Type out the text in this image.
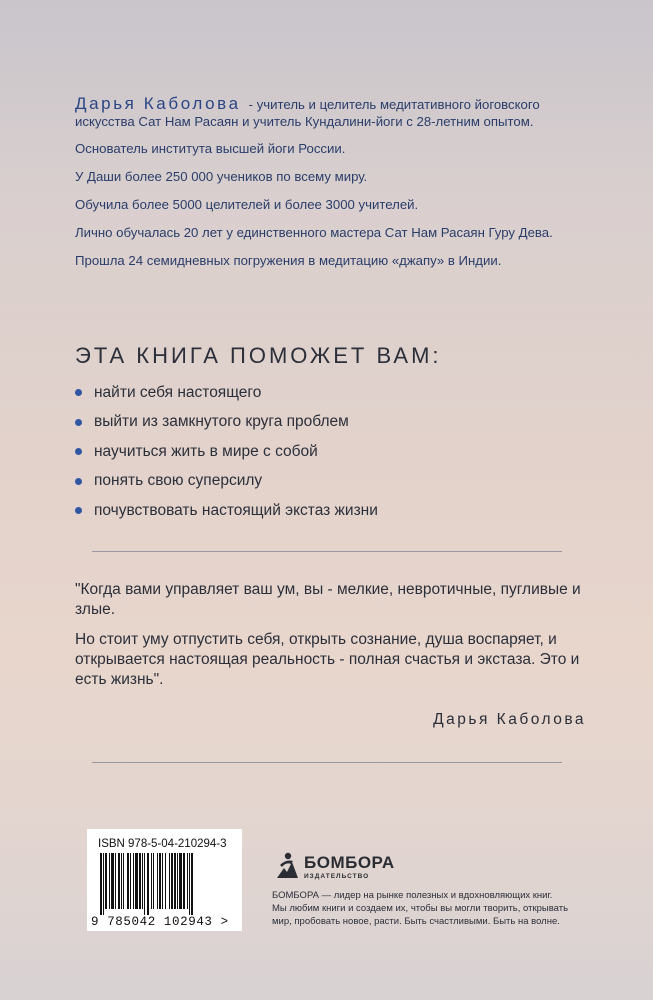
Дарья Каболова - учитель и целитель медитативного йоговского искусства Сат Нам Расаян и учитель Кундалини-йоги с 28-летним опытом.

Основатель института высшей йоги России.

У Даши более 250 000 учеников по всему миру.

Обучила более 5000 целителей и более 3000 учителей.

Лично обучалась 20 лет у единственного мастера Сат Нам Расаян Гуру Дева.

Прошла 24 семидневных погружения в медитацию «джапу» в Индии.

ЭТА КНИГА ПОМОЖЕТ ВАМ:
найти себя настоящего
выйти из замкнутого круга проблем
научиться жить в мире с собой
понять свою суперсилу
почувствовать настоящий экстаз жизни

"Когда вами управляет ваш ум, вы - мелкие, невротичные, пугливые и злые.

Но стоит уму отпустить себя, открыть сознание, душа воспаряет, и открывается настоящая реальность - полная счастья и экстаза. Это и есть жизнь".

Дарья Каболова
ISBN 978-5-04-210294-3
9 785042 102943 >
БОМБОРА
ИЗДАТЕЛЬСТВО

БОМБОРА — лидер на рынке полезных и вдохновляющих книг.

Мы любим книги и создаем их, чтобы вы могли творить, открывать

мир, пробовать новое, расти. Быть счастливыми. Быть на волне.
